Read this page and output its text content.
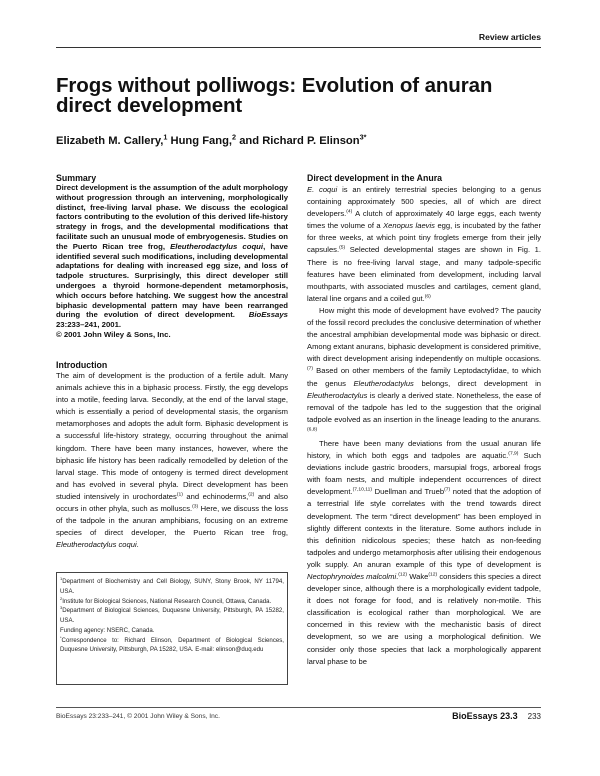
Review articles
Frogs without polliwogs: Evolution of anuran direct development
Elizabeth M. Callery,$^1$ Hung Fang,$^2$ and Richard P. Elinson$^{3*}$
Summary
Direct development is the assumption of the adult morphology without progression through an intervening, morphologically distinct, free-living larval phase. We discuss the ecological factors contributing to the evolution of this derived life-history strategy in frogs, and the developmental modifications that facilitate such an unusual mode of embryogenesis. Studies on the Puerto Rican tree frog, Eleutherodactylus coqui, have identified several such modifications, including developmental adaptations for dealing with increased egg size, and loss of tadpole structures. Surprisingly, this direct developer still undergoes a thyroid hormone-dependent metamorphosis, which occurs before hatching. We suggest how the ancestral biphasic developmental pattern may have been rearranged during the evolution of direct development.  BioEssays 23:233–241, 2001.
© 2001 John Wiley & Sons, Inc.
Introduction

The aim of development is the production of a fertile adult. Many animals achieve this in a biphasic process. Firstly, the egg develops into a motile, feeding larva. Secondly, at the end of the larval stage, which is essentially a period of developmental stasis, the organism metamorphoses and adopts the adult form. Biphasic development is a successful life-history strategy, occurring throughout the animal kingdom. There have been many instances, however, where the biphasic life history has been radically remodelled by deletion of the larval stage. This mode of ontogeny is termed direct development and has evolved in several phyla. Direct development has been studied intensively in urochordates$^{(1)}$ and echinoderms,$^{(2)}$ and also occurs in other phyla, such as molluscs.$^{(3)}$ Here, we discuss the loss of the tadpole in the anuran amphibians, focusing on an extreme species of direct developer, the Puerto Rican tree frog, Eleutherodactylus coqui.

$^1$Department of Biochemistry and Cell Biology, SUNY, Stony Brook, NY 11794, USA.
$^2$Institute for Biological Sciences, National Research Council, Ottawa, Canada.
$^3$Department of Biological Sciences, Duquesne University, Pittsburgh, PA 15282, USA.
Funding agency: NSERC, Canada.
*Correspondence to: Richard Elinson, Department of Biological Sciences, Duquesne University, Pittsburgh, PA 15282, USA. E-mail: elinson@duq.edu
Direct development in the Anura

E. coqui is an entirely terrestrial species belonging to a genus containing approximately 500 species, all of which are direct developers.$^{(4)}$ A clutch of approximately 40 large eggs, each twenty times the volume of a Xenopus laevis egg, is incubated by the father for three weeks, at which point tiny froglets emerge from their jelly capsules.$^{(5)}$ Selected developmental stages are shown in Fig. 1. There is no free-living larval stage, and many tadpole-specific features have been eliminated from development, including larval mouthparts, with associated muscles and cartilages, cement gland, lateral line organs and a coiled gut.$^{(6)}$

How might this mode of development have evolved? The paucity of the fossil record precludes the conclusive determination of whether the ancestral amphibian developmental mode was biphasic or direct. Among extant anurans, biphasic development is considered primitive, with direct development arising independently on multiple occasions.$^{(7)}$ Based on other members of the family Leptodactylidae, to which the genus Eleutherodactylus belongs, direct development in Eleutherodactylus is clearly a derived state. Nonetheless, the ease of removal of the tadpole has led to the suggestion that the original tadpole evolved as an insertion in the lineage leading to the anurans.$^{(6,8)}$

There have been many deviations from the usual anuran life history, in which both eggs and tadpoles are aquatic.$^{(7,9)}$ Such deviations include gastric brooders, marsupial frogs, arboreal frogs with foam nests, and multiple independent occurrences of direct development.$^{(7,10,11)}$ Duellman and Trueb$^{(7)}$ noted that the adoption of a terrestrial life style correlates with the trend towards direct development. The term “direct development” has been employed in slightly different contexts in the literature. Some authors include in this definition nidicolous species; these hatch as non-feeding tadpoles and undergo metamorphosis after utilising their endogenous yolk supply. An anuran example of this type of development is Nectophrynoides malcolmi.$^{(12)}$ Wake$^{(12)}$ considers this species a direct developer since, although there is a morphologically evident tadpole, it does not forage for food, and is relatively non-motile. This classification is ecological rather than morphological. We are concerned in this review with the mechanistic basis of direct development, so we are using a morphological definition. We consider only those species that lack a morphologically apparent larval phase to be

BioEssays 23:233–241, © 2001 John Wiley & Sons, Inc.	BioEssays 23.3 233
